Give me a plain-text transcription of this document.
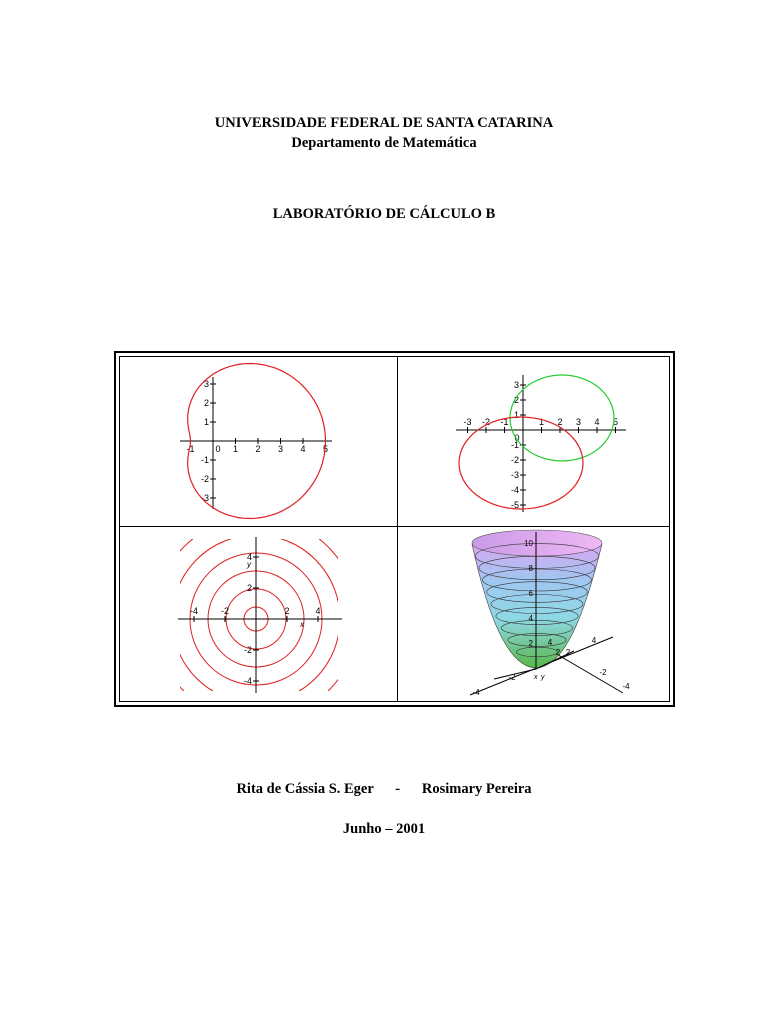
UNIVERSIDADE FEDERAL DE SANTA CATARINA
Departamento de Matemática
LABORATÓRIO DE CÁLCULO B
-1 0 1 2 3 4 5
3
2
1
-1
-2
-3
-3 -2 -1
0
1 2 3 4 5
3
2
1
-1
-2
-3
-4
-5
-4	-2	2	4
4
2
-2
-4
x
y
10
8
6
4
2
-4
-2
2
4
4
2
-2
-4
x y
Rita de Cássia S. Eger - Rosimary Pereira
Junho – 2001
